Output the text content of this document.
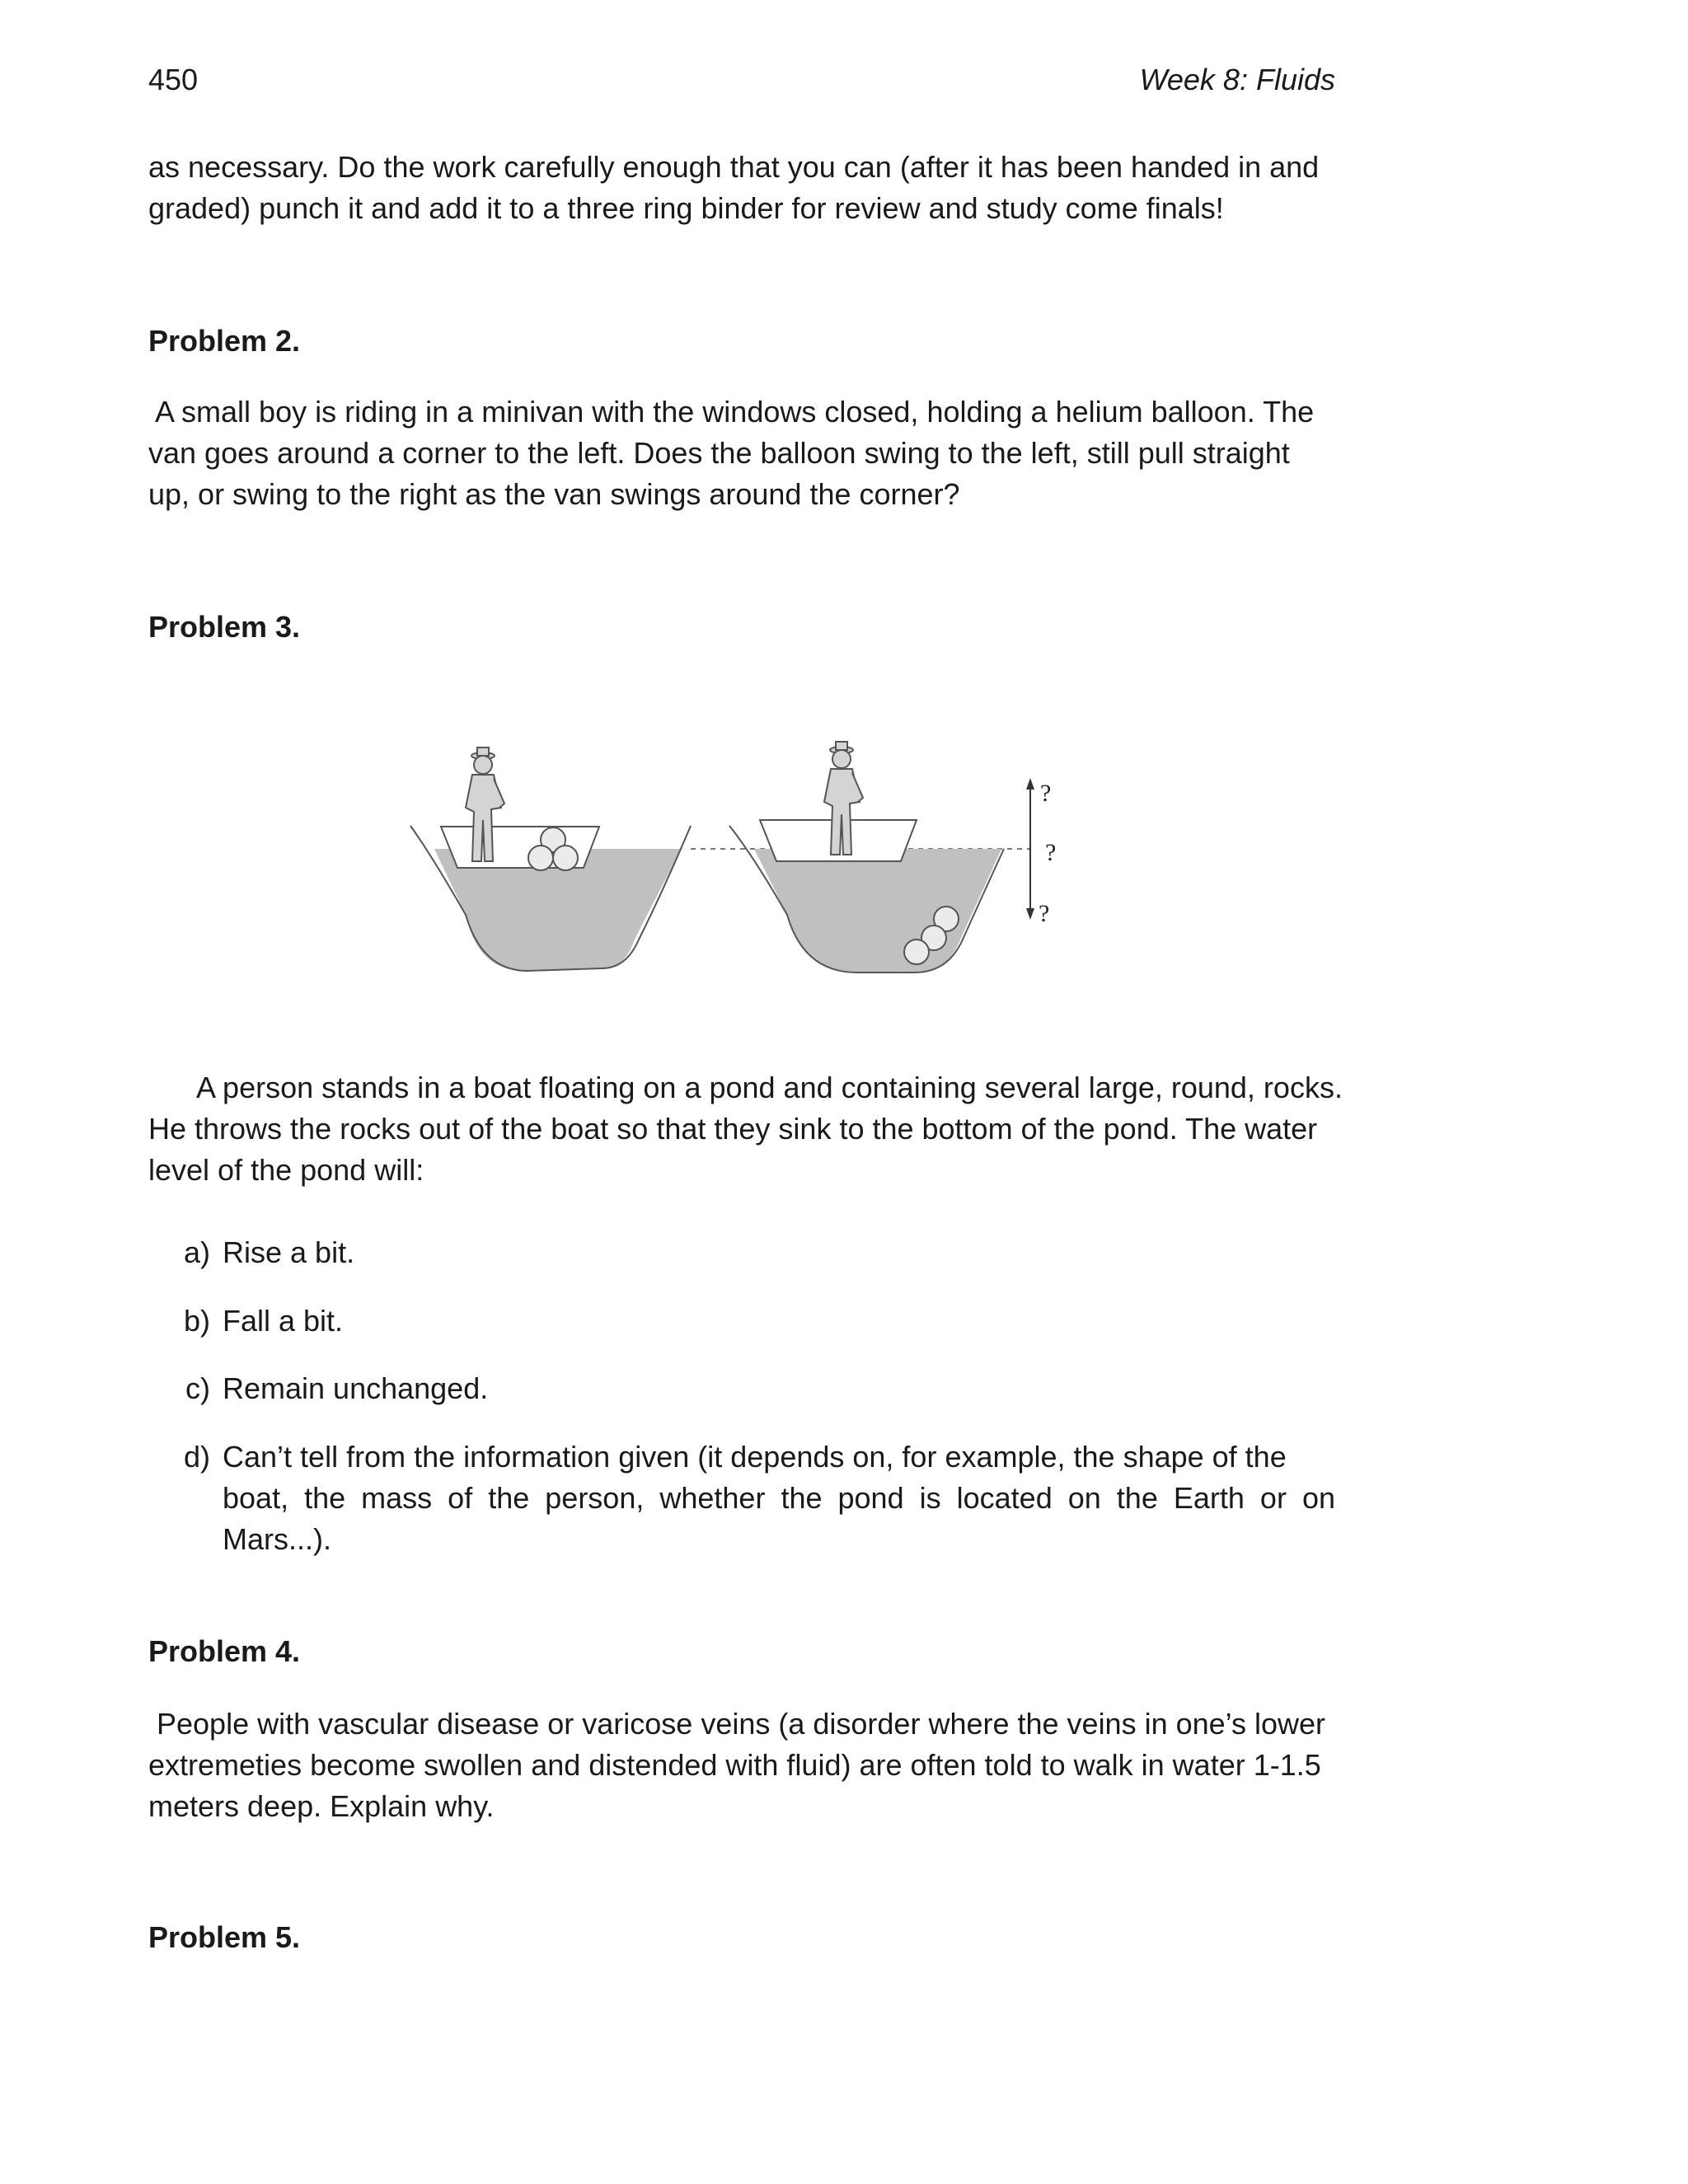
450	Week 8: Fluids
as necessary. Do the work carefully enough that you can (after it has been handed in and
graded) punch it and add it to a three ring binder for review and study come finals!
Problem 2.
A small boy is riding in a minivan with the windows closed, holding a helium balloon. The
van goes around a corner to the left. Does the balloon swing to the left, still pull straight
up, or swing to the right as the van swings around the corner?
Problem 3.
?
?
?
A person stands in a boat floating on a pond and containing several large, round, rocks.
He throws the rocks out of the boat so that they sink to the bottom of the pond. The water
level of the pond will:
a) Rise a bit.
b) Fall a bit.
c) Remain unchanged.
d) Can’t tell from the information given (it depends on, for example, the shape of the
boat, the mass of the person, whether the pond is located on the Earth or on Mars...).
Problem 4.
People with vascular disease or varicose veins (a disorder where the veins in one’s lower
extremeties become swollen and distended with fluid) are often told to walk in water 1-1.5
meters deep. Explain why.
Problem 5.
